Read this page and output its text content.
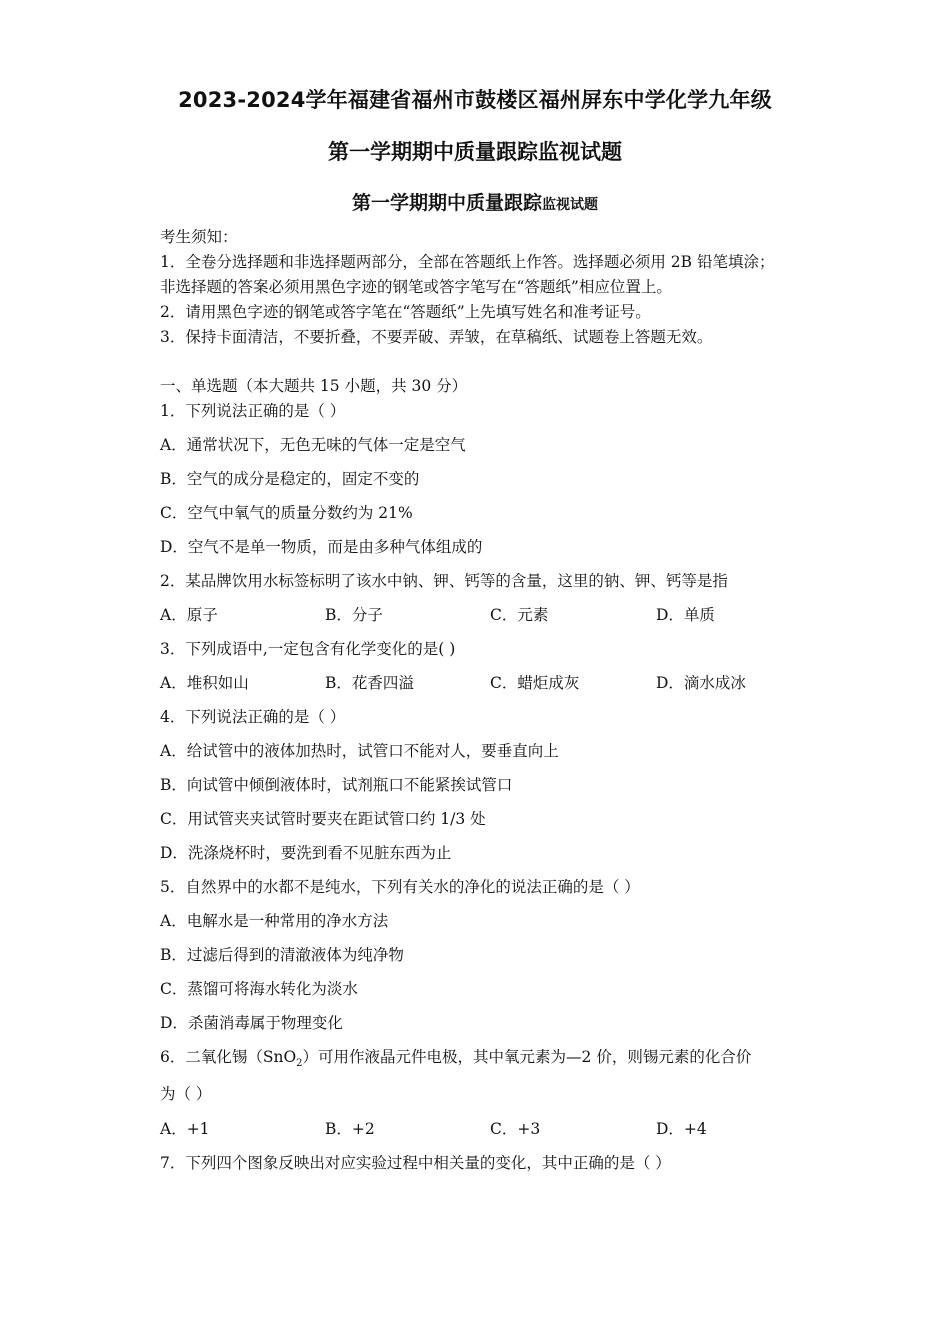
2023-2024学年福建省福州市鼓楼区福州屏东中学化学九年级
第一学期期中质量跟踪监视试题
第一学期期中质量跟踪监视试题
考生须知：
1．全卷分选择题和非选择题两部分，全部在答题纸上作答。选择题必须用 2B 铅笔填涂；
非选择题的答案必须用黑色字迹的钢笔或答字笔写在“答题纸”相应位置上。
2．请用黑色字迹的钢笔或答字笔在“答题纸”上先填写姓名和准考证号。
3．保持卡面清洁，不要折叠，不要弄破、弄皱，在草稿纸、试题卷上答题无效。
一、单选题（本大题共 15 小题，共 30 分）
1．下列说法正确的是（ ）
A．通常状况下，无色无味的气体一定是空气
B．空气的成分是稳定的，固定不变的
C．空气中氧气的质量分数约为 21%
D．空气不是单一物质，而是由多种气体组成的
2．某品牌饮用水标签标明了该水中钠、钾、钙等的含量，这里的钠、钾、钙等是指
A．原子	B．分子	C．元素	D．单质
3．下列成语中,一定包含有化学变化的是( )
A．堆积如山	B．花香四溢	C．蜡炬成灰	D．滴水成冰
4．下列说法正确的是（ ）
A．给试管中的液体加热时，试管口不能对人，要垂直向上
B．向试管中倾倒液体时，试剂瓶口不能紧挨试管口
C．用试管夹夹试管时要夹在距试管口约 1/3 处
D．洗涤烧杯时，要洗到看不见脏东西为止
5．自然界中的水都不是纯水，下列有关水的净化的说法正确的是（ ）
A．电解水是一种常用的净水方法
B．过滤后得到的清澈液体为纯净物
C．蒸馏可将海水转化为淡水
D．杀菌消毒属于物理变化
6．二氧化锡（SnO$_2$）可用作液晶元件电极，其中氧元素为—2 价，则锡元素的化合价
为（ ）
A．+1	B．+2	C．+3	D．+4
7．下列四个图象反映出对应实验过程中相关量的变化，其中正确的是（ ）
